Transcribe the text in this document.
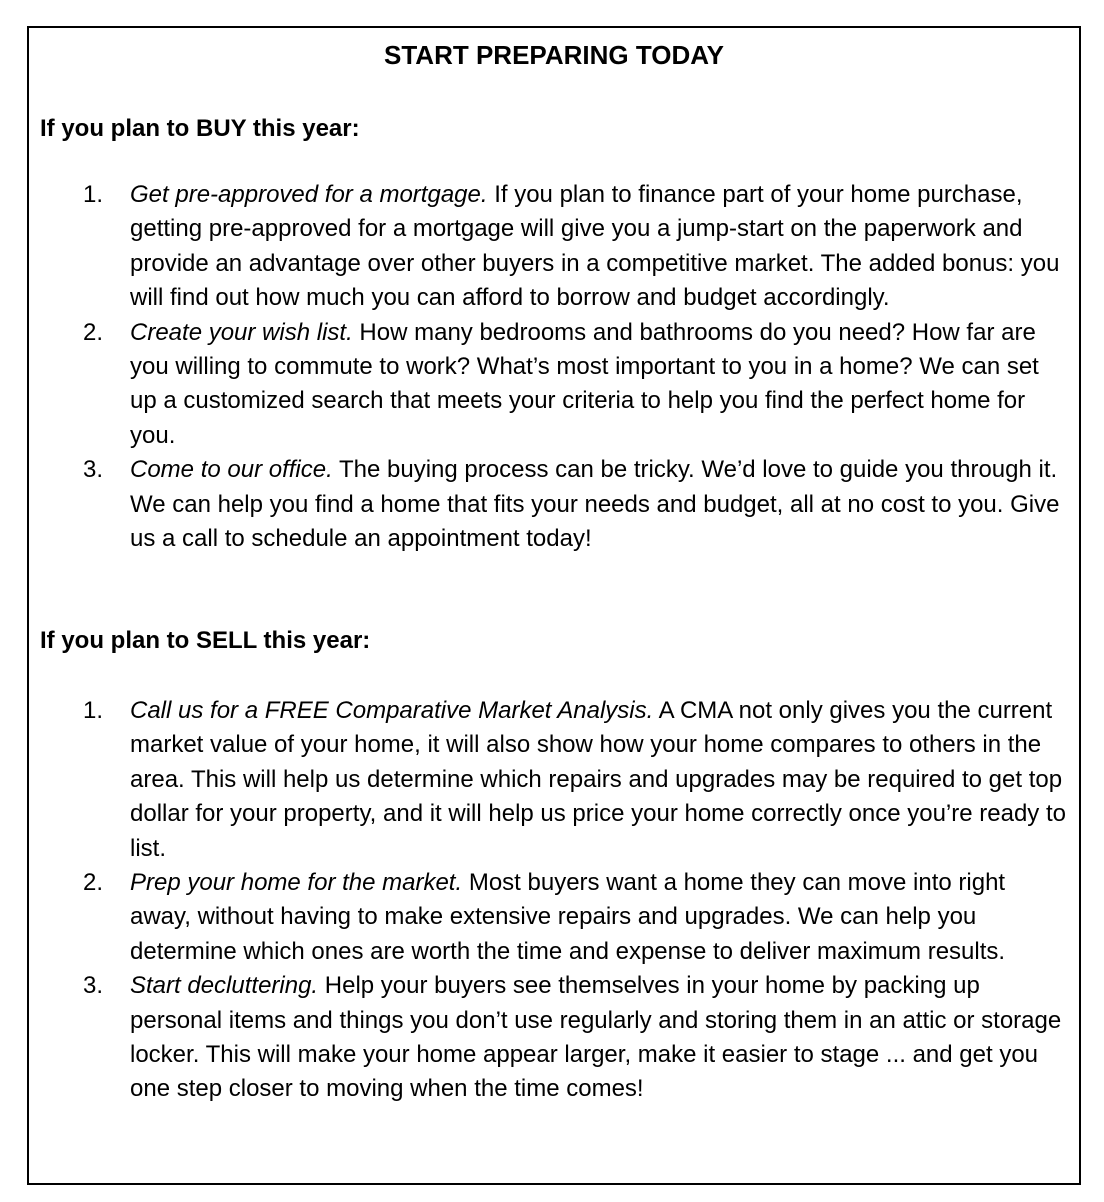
START PREPARING TODAY
If you plan to BUY this year:
1. Get pre-approved for a mortgage. If you plan to finance part of your home purchase, getting pre-approved for a mortgage will give you a jump-start on the paperwork and provide an advantage over other buyers in a competitive market. The added bonus: you will find out how much you can afford to borrow and budget accordingly.
2. Create your wish list. How many bedrooms and bathrooms do you need? How far are you willing to commute to work? What’s most important to you in a home? We can set up a customized search that meets your criteria to help you find the perfect home for you.
3. Come to our office. The buying process can be tricky. We’d love to guide you through it. We can help you find a home that fits your needs and budget, all at no cost to you. Give us a call to schedule an appointment today!
If you plan to SELL this year:
1. Call us for a FREE Comparative Market Analysis. A CMA not only gives you the current market value of your home, it will also show how your home compares to others in the area. This will help us determine which repairs and upgrades may be required to get top dollar for your property, and it will help us price your home correctly once you’re ready to list.
2. Prep your home for the market. Most buyers want a home they can move into right away, without having to make extensive repairs and upgrades. We can help you determine which ones are worth the time and expense to deliver maximum results.
3. Start decluttering. Help your buyers see themselves in your home by packing up personal items and things you don’t use regularly and storing them in an attic or storage locker. This will make your home appear larger, make it easier to stage ... and get you one step closer to moving when the time comes!
